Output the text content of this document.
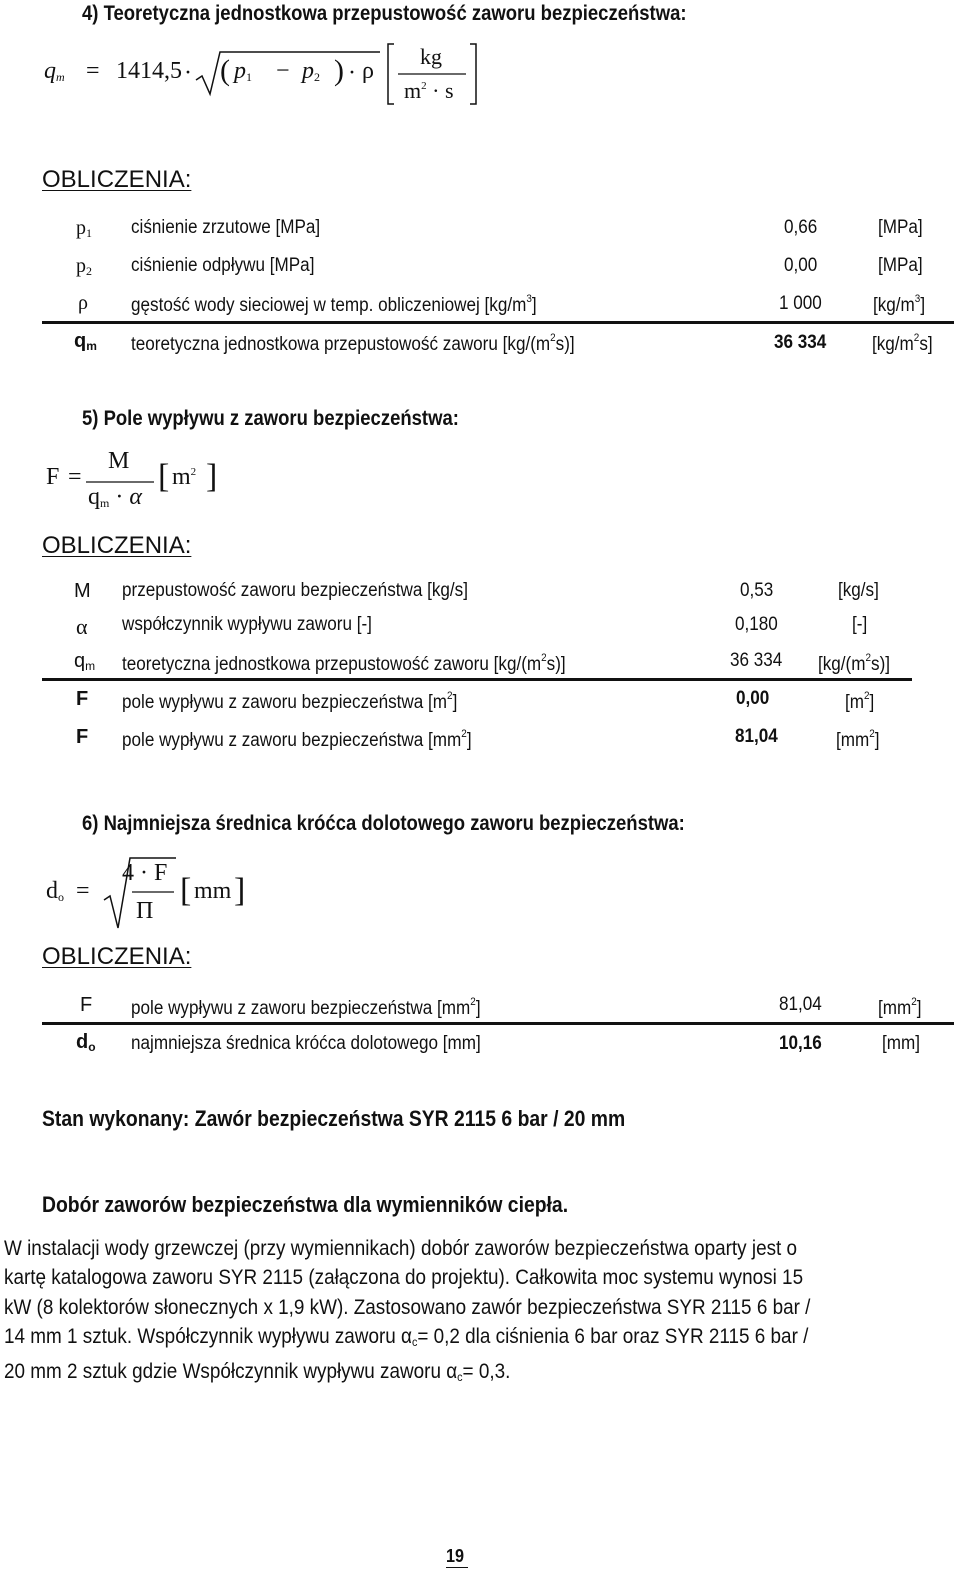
4) Teoretyczna jednostkowa przepustowość zaworu bezpieczeństwa:
$q_m = 1414,5$ · ( $p_1 - p_2$ ) · ρ
kg
$m^2 \cdot s$
OBLICZENIA:
$p_1$ ciśnienie zrzutowe [MPa]	0,66	[MPa]
$p_2$ ciśnienie odpływu [MPa]	0,00	[MPa]
ρ gęstość wody sieciowej w temp. obliczeniowej $[kg/m^3]$	1 000	$[kg/m^3]$
$q_m$ teoretyczna jednostkowa przepustowość zaworu $[kg/(m^2s)]$	36 334 $[kg/m^2s]$
5) Pole wypływu z zaworu bezpieczeństwa:
F =
M
$q_m \cdot \alpha$
[ $m^2$ ]
OBLICZENIA:
M przepustowość zaworu bezpieczeństwa [kg/s]	0,53	[kg/s]
α współczynnik wypływu zaworu [-]	0,180	[-]
$q_m$ teoretyczna jednostkowa przepustowość zaworu $[kg/(m^2s)]$	36 334 $[kg/(m^2s)]$
F pole wypływu z zaworu bezpieczeństwa $[m^2]$	0,00	$[m^2]$
F pole wypływu z zaworu bezpieczeństwa $[mm^2]$	81,04	$[mm^2]$
6) Najmniejsza średnica króćca dolotowego zaworu bezpieczeństwa:
$d_o$ =
4 · F
Π
[ mm ]
OBLICZENIA:
F pole wypływu z zaworu bezpieczeństwa $[mm^2]$	81,04	$[mm^2]$
$d_o$ najmniejsza średnica króćca dolotowego [mm]	10,16	[mm]
Stan wykonany: Zawór bezpieczeństwa SYR 2115 6 bar / 20 mm
Dobór zaworów bezpieczeństwa dla wymienników ciepła.
W instalacji wody grzewczej (przy wymiennikach) dobór zaworów bezpieczeństwa oparty jest o
kartę katalogowa zaworu SYR 2115 (załączona do projektu). Całkowita moc systemu wynosi 15
kW (8 kolektorów słonecznych x 1,9 kW). Zastosowano zawór bezpieczeństwa SYR 2115 6 bar /
14 mm 1 sztuk. Współczynnik wypływu zaworu $\alpha_c= 0,2$ dla ciśnienia 6 bar oraz SYR 2115 6 bar /
20 mm 2 sztuk gdzie Współczynnik wypływu zaworu $\alpha_c= 0,3$.
19
